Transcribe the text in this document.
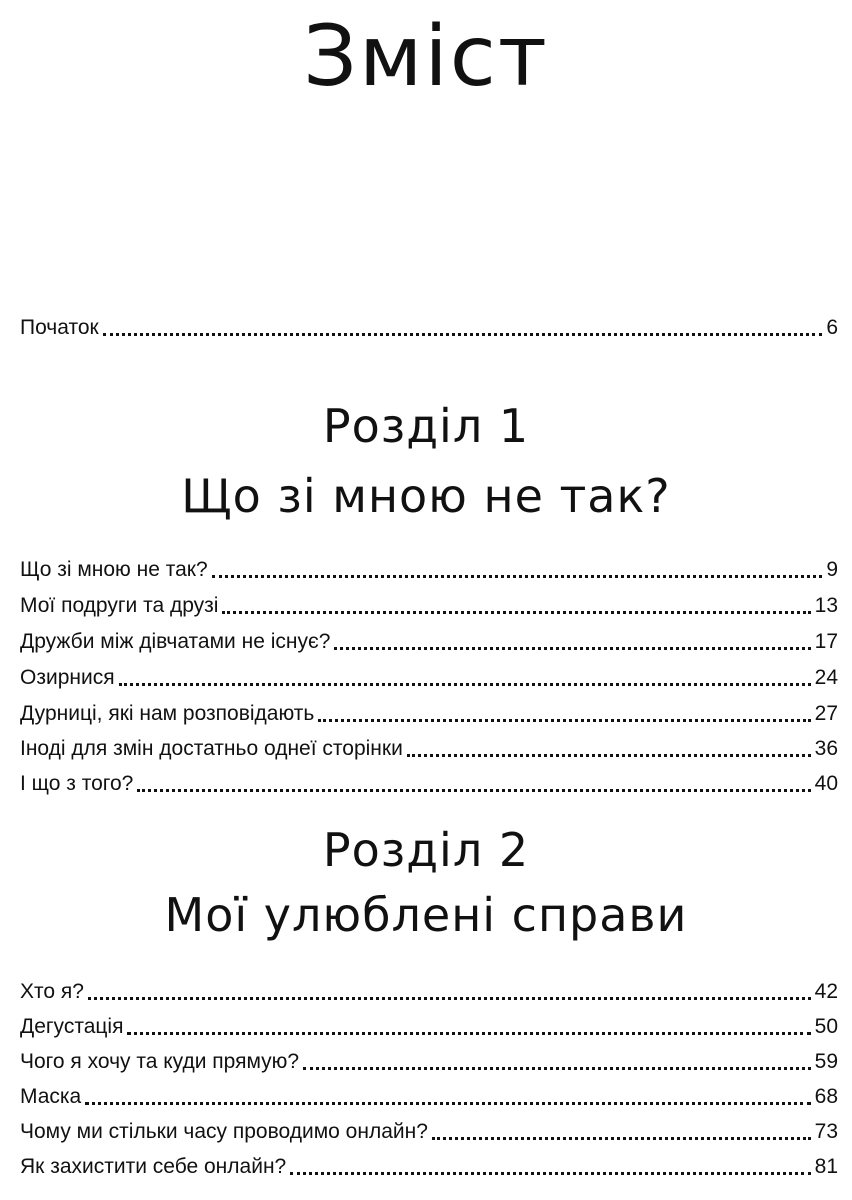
Зміст
Початок	6
Розділ 1
Що зі мною не так?
Що зі мною не так?	9
Мої подруги та друзі	13
Дружби між дівчатами не існує?	17
Озирнися	24
Дурниці, які нам розповідають	27
Іноді для змін достатньо однеї сторінки	36
І що з того?	40
Розділ 2
Мої улюблені справи
Хто я?	42
Дегустація	50
Чого я хочу та куди прямую?	59
Маска	68
Чому ми стільки часу проводимо онлайн?	73
Як захистити себе онлайн?	81
